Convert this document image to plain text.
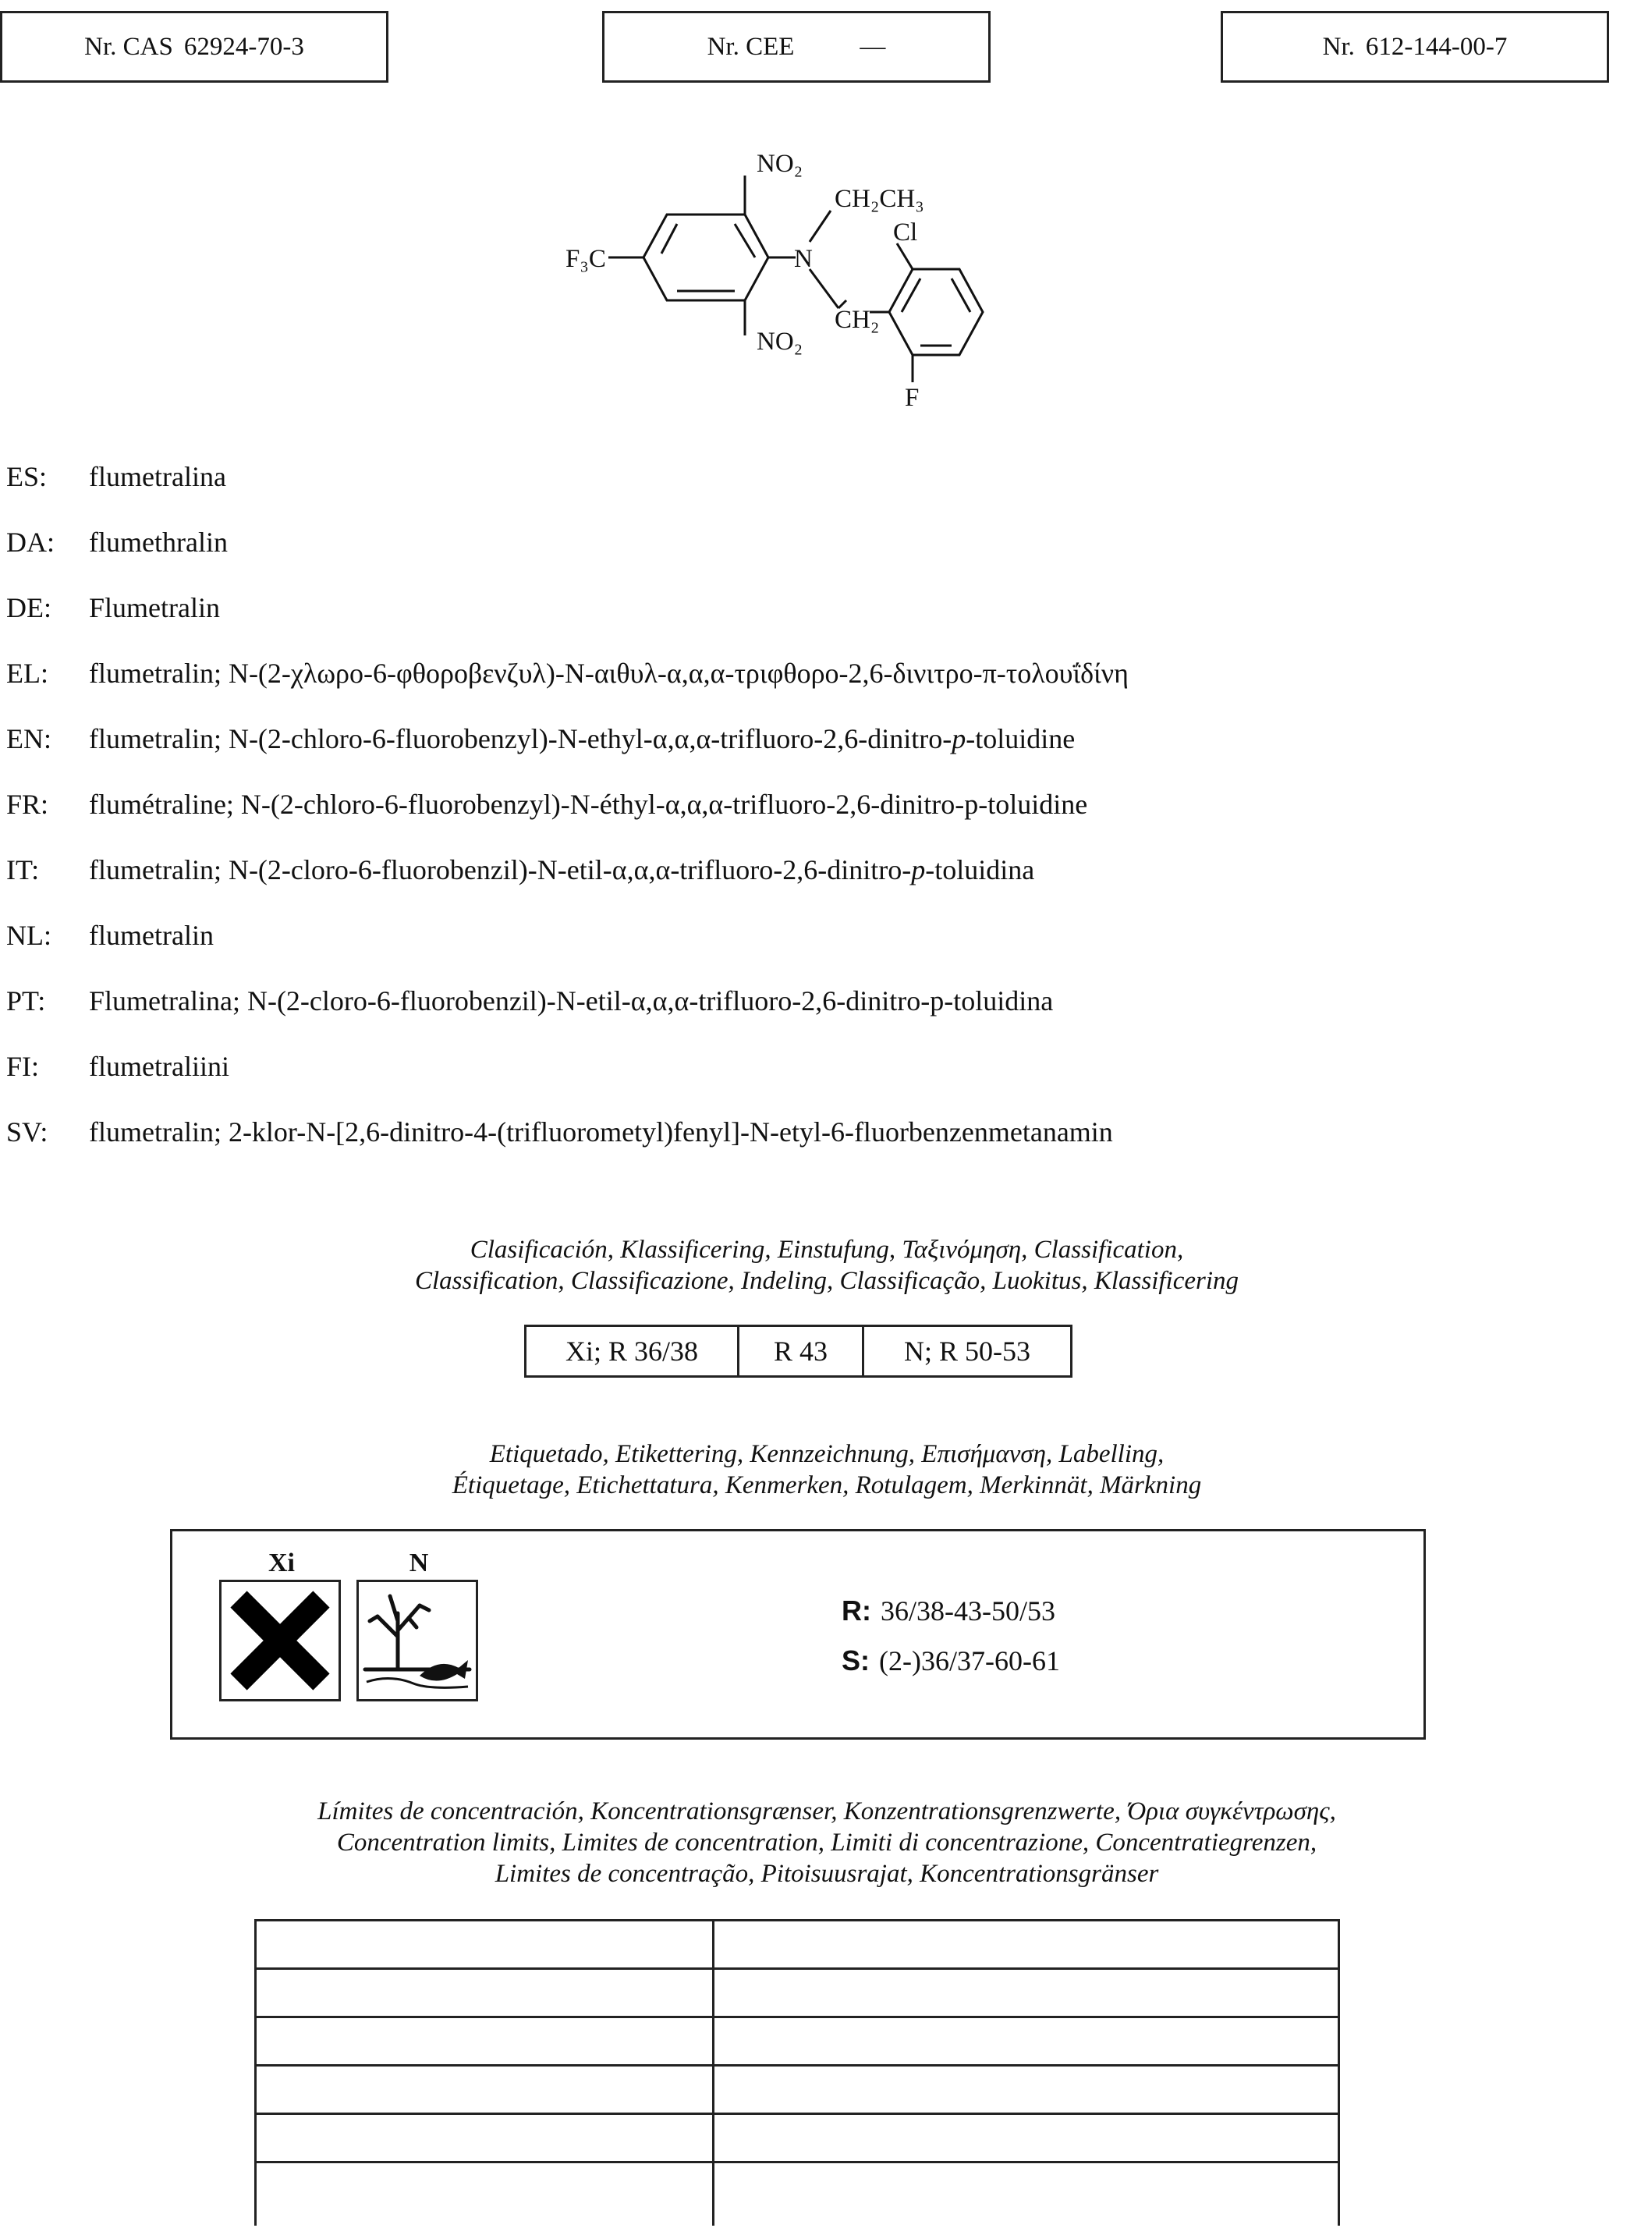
Nr. CAS 62924-70-3	Nr. CEE	—	Nr. 612-144-00-7
NO₂
F₃C	N
CH₂CH₃
Cl
CH₂
NO₂
F
ES: flumetralina
DA: flumethralin
DE: Flumetralin
EL: flumetralin; N-(2-χλωρο-6-φθοροβενζυλ)-N-αιθυλ-α,α,α-τριφθορο-2,6-δινιτρο-π-τολουΐδίνη
EN: flumetralin; N-(2-chloro-6-fluorobenzyl)-N-ethyl-α,α,α-trifluoro-2,6-dinitro-p-toluidine
FR: flumétraline; N-(2-chloro-6-fluorobenzyl)-N-éthyl-α,α,α-trifluoro-2,6-dinitro-p-toluidine
IT: flumetralin; N-(2-cloro-6-fluorobenzil)-N-etil-α,α,α-trifluoro-2,6-dinitro-p-toluidina
NL: flumetralin
PT: Flumetralina; N-(2-cloro-6-fluorobenzil)-N-etil-α,α,α-trifluoro-2,6-dinitro-p-toluidina
FI: flumetraliini
SV: flumetralin; 2-klor-N-[2,6-dinitro-4-(trifluorometyl)fenyl]-N-etyl-6-fluorbenzenmetanamin
Clasificación, Klassificering, Einstufung, Ταξινόμηση, Classification,
Classification, Classificazione, Indeling, Classificação, Luokitus, Klassificering
Xi; R 36/38	R 43	N; R 50-53
Etiquetado, Etikettering, Kennzeichnung, Επισήμανση, Labelling,
Étiquetage, Etichettatura, Kenmerken, Rotulagem, Merkinnät, Märkning
Xi	N
R: 36/38-43-50/53
S: (2-)36/37-60-61
Límites de concentración, Koncentrationsgrænser, Konzentrationsgrenzwerte, Όρια συγκέντρωσης,
Concentration limits, Limites de concentration, Limiti di concentrazione, Concentratiegrenzen,
Limites de concentração, Pitoisuusrajat, Koncentrationsgränser
